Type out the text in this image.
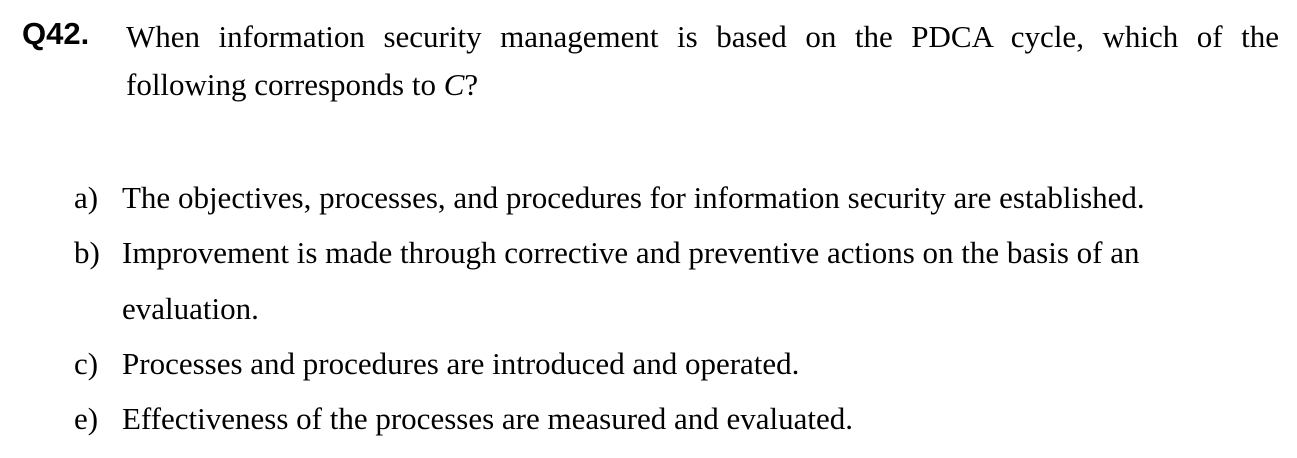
Q42. When information security management is based on the PDCA cycle, which of the
following corresponds to C?
a) The objectives, processes, and procedures for information security are established.
b) Improvement is made through corrective and preventive actions on the basis of an
evaluation.
c) Processes and procedures are introduced and operated.
e) Effectiveness of the processes are measured and evaluated.
